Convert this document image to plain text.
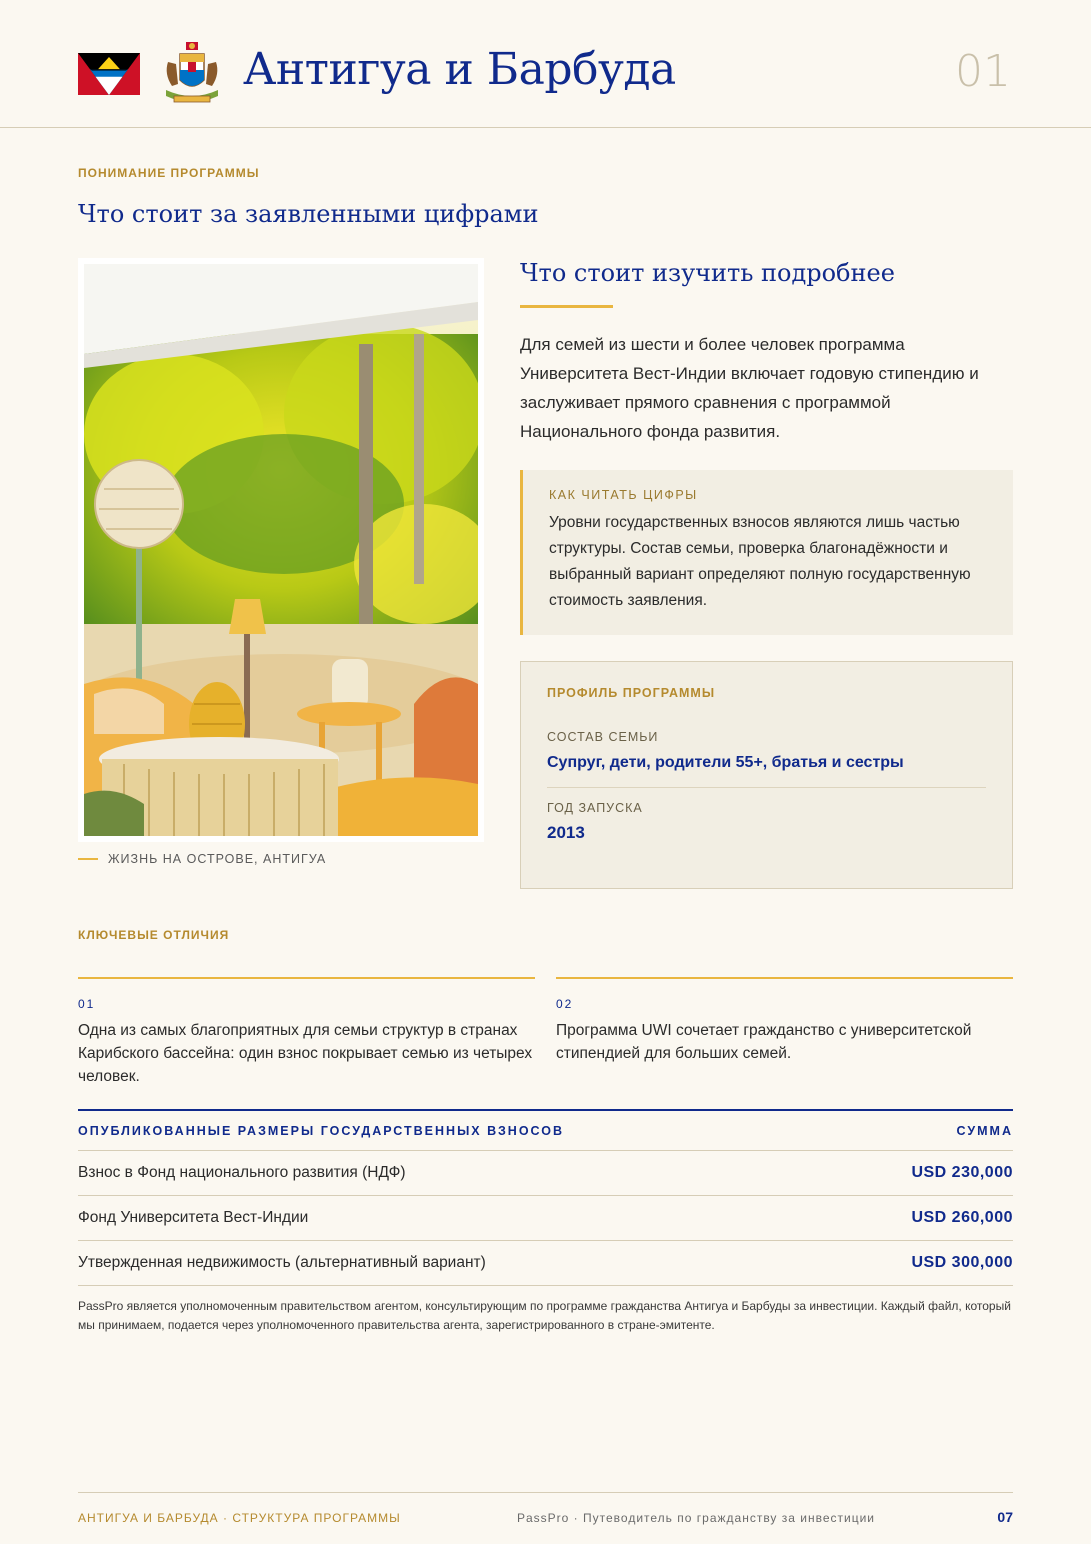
Антигуа и Барбуда	01
ПОНИМАНИЕ ПРОГРАММЫ
Что стоит за заявленными цифрами
ЖИЗНЬ НА ОСТРОВЕ, АНТИГУА
Что стоит изучить подробнее
Для семей из шести и более человек программа Университета Вест-Индии включает годовую стипендию и заслуживает прямого сравнения с программой Национального фонда развития.
КАК ЧИТАТЬ ЦИФРЫ
Уровни государственных взносов являются лишь частью структуры. Состав семьи, проверка благонадёжности и выбранный вариант определяют полную государственную стоимость заявления.
ПРОФИЛЬ ПРОГРАММЫ
СОСТАВ СЕМЬИ
Супруг, дети, родители 55+, братья и сестры
ГОД ЗАПУСКА
2013
КЛЮЧЕВЫЕ ОТЛИЧИЯ
01
Одна из самых благоприятных для семьи структур в странах Карибского бассейна: один взнос покрывает семью из четырех человек.
02
Программа UWI сочетает гражданство с университетской стипендией для больших семей.
ОПУБЛИКОВАННЫЕ РАЗМЕРЫ ГОСУДАРСТВЕННЫХ ВЗНОСОВ	СУММА
Взнос в Фонд национального развития (НДФ)	USD 230,000
Фонд Университета Вест-Индии	USD 260,000
Утвержденная недвижимость (альтернативный вариант)	USD 300,000
PassPro является уполномоченным правительством агентом, консультирующим по программе гражданства Антигуа и Барбуды за инвестиции. Каждый файл, который мы принимаем, подается через уполномоченного правительства агента, зарегистрированного в стране-эмитенте.
АНТИГУА И БАРБУДА · СТРУКТУРА ПРОГРАММЫ	PassPro · Путеводитель по гражданству за инвестиции	07
